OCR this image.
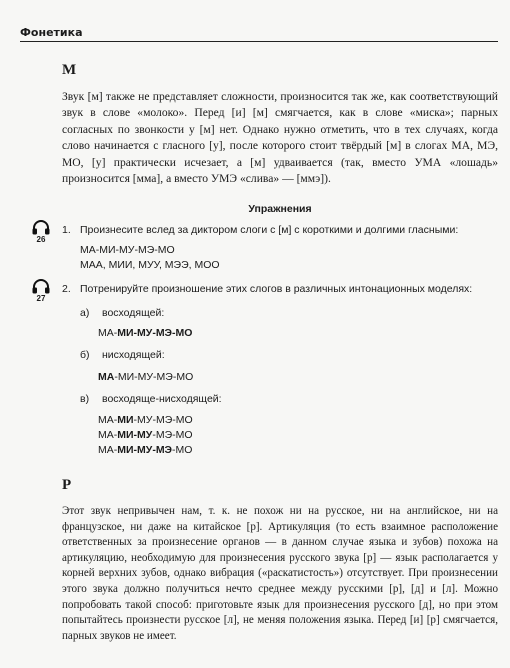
Фонетика
М

Звук [м] также не представляет сложности, произносится так же, как соответствующий звук в слове «молоко». Перед [и] [м] смягчается, как в слове «миска»; парных согласных по звонкости у [м] нет. Однако нужно отметить, что в тех случаях, когда слово начинается с гласного [у], после которого стоит твёрдый [м] в слогах МА, МЭ, МО, [у] практически исчезает, а [м] удваивается (так, вместо УМА «лошадь» произносится [мма], а вместо УМЭ «слива» — [ммэ]).

Упражнения
26
1. Произнесите вслед за диктором слоги с [м] с короткими и долгими гласными:
МА-МИ-МУ-МЭ-МО
МАА, МИИ, МУУ, МЭЭ, МОО
27
2. Потренируйте произношение этих слогов в различных интонационных моделях:
а) восходящей:
МА-МИ-МУ-МЭ-МО
б) нисходящей:
МА-МИ-МУ-МЭ-МО
в) восходяще-нисходящей:
МА-МИ-МУ-МЭ-МО
МА-МИ-МУ-МЭ-МО
МА-МИ-МУ-МЭ-МО
Р

Этот звук непривычен нам, т. к. не похож ни на русское, ни на английское, ни на французское, ни даже на китайское [р]. Артикуляция (то есть взаимное расположение ответственных за произнесение органов — в данном случае языка и зубов) похожа на артикуляцию, необходимую для произнесения русского звука [р] — язык располагается у корней верхних зубов, однако вибрация («раскатистость») отсутствует. При произнесении этого звука должно получиться нечто среднее между русскими [р], [д] и [л]. Можно попробовать такой способ: приготовьте язык для произнесения русского [д], но при этом попытайтесь произнести русское [л], не меняя положения языка. Перед [и] [р] смягчается, парных звуков не имеет.
